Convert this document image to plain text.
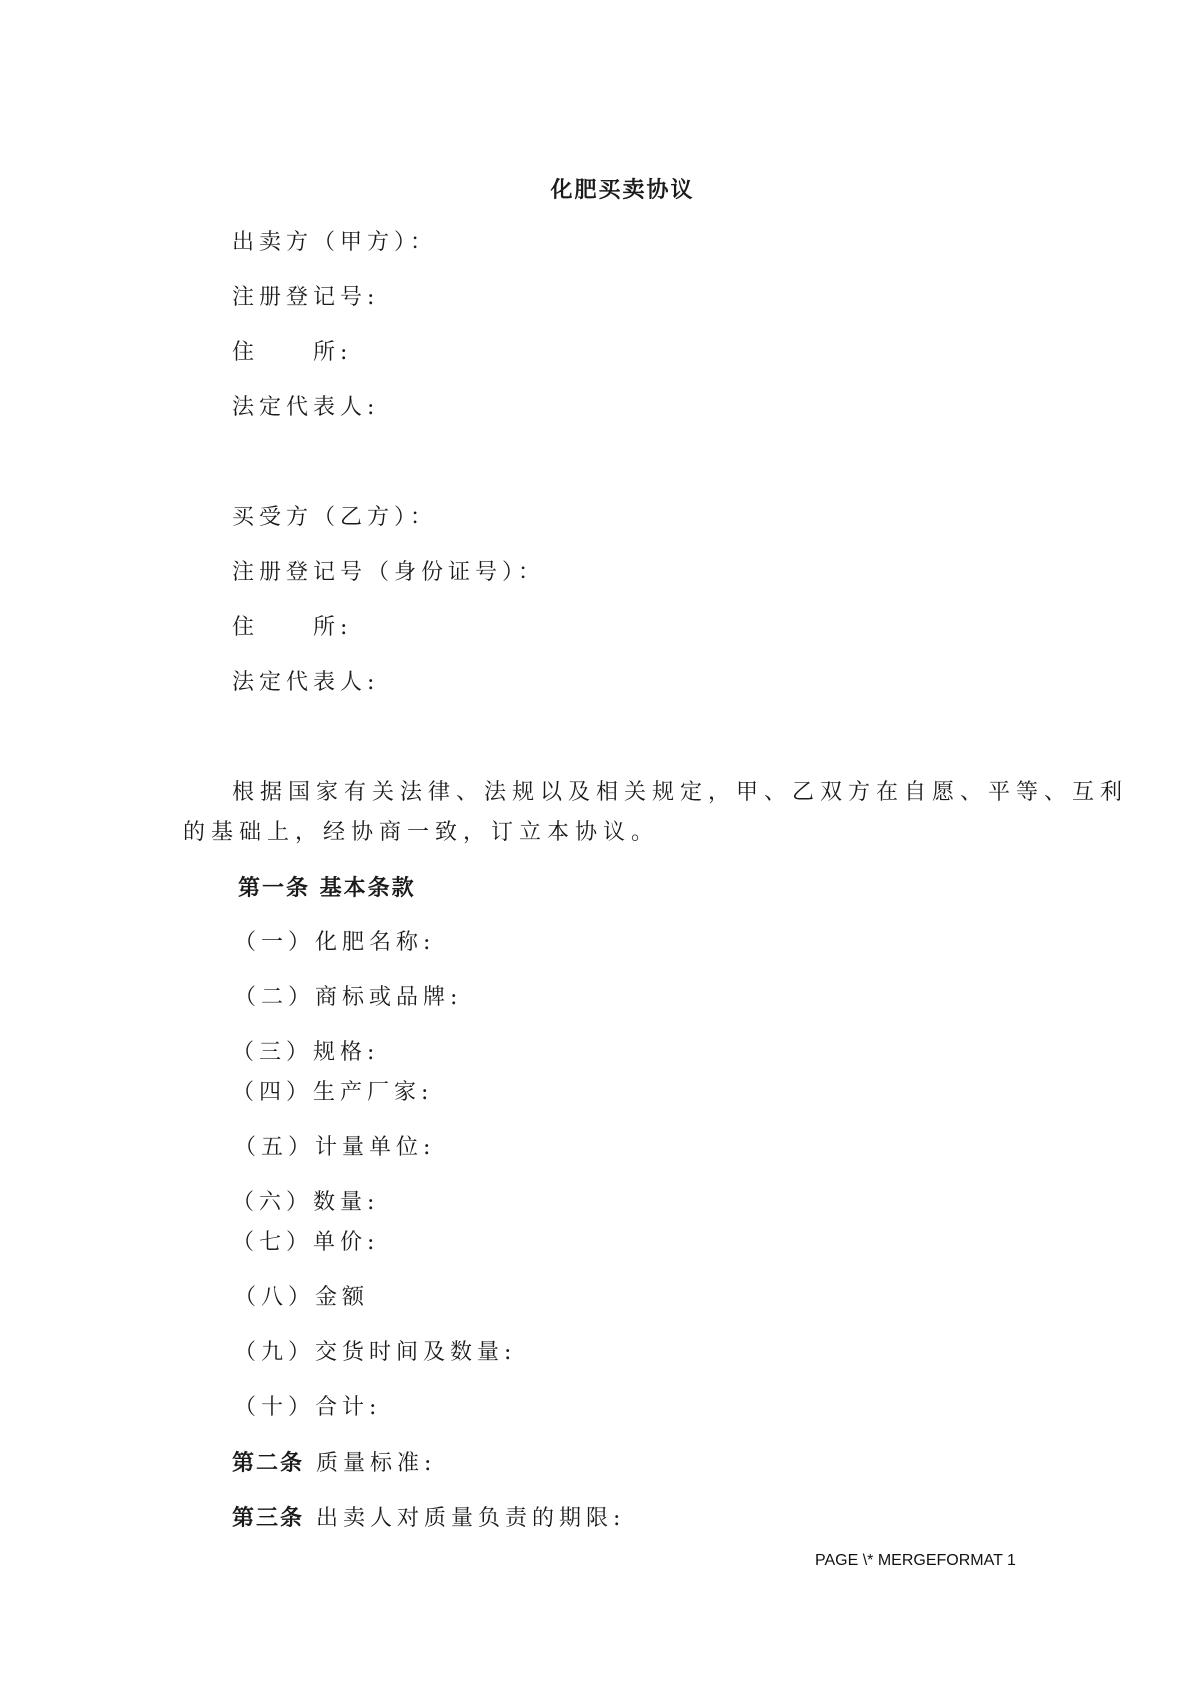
化肥买卖协议
出卖方（甲方）：
注册登记号:
住　　所:
法定代表人:
买受方（乙方）：
注册登记号（身份证号）：
住　　所:
法定代表人:
根据国家有关法律、法规以及相关规定，甲、乙双方在自愿、平等、互利
的基础上，经协商一致，订立本协议。
第一条 基本条款
（一）化肥名称:
（二）商标或品牌:
（三）规格:
（四）生产厂家:
（五）计量单位:
（六）数量:
（七）单价:
（八）金额
（九）交货时间及数量:
（十）合计:
第二条 质量标准:
第三条 出卖人对质量负责的期限:
PAGE \* MERGEFORMAT 1
